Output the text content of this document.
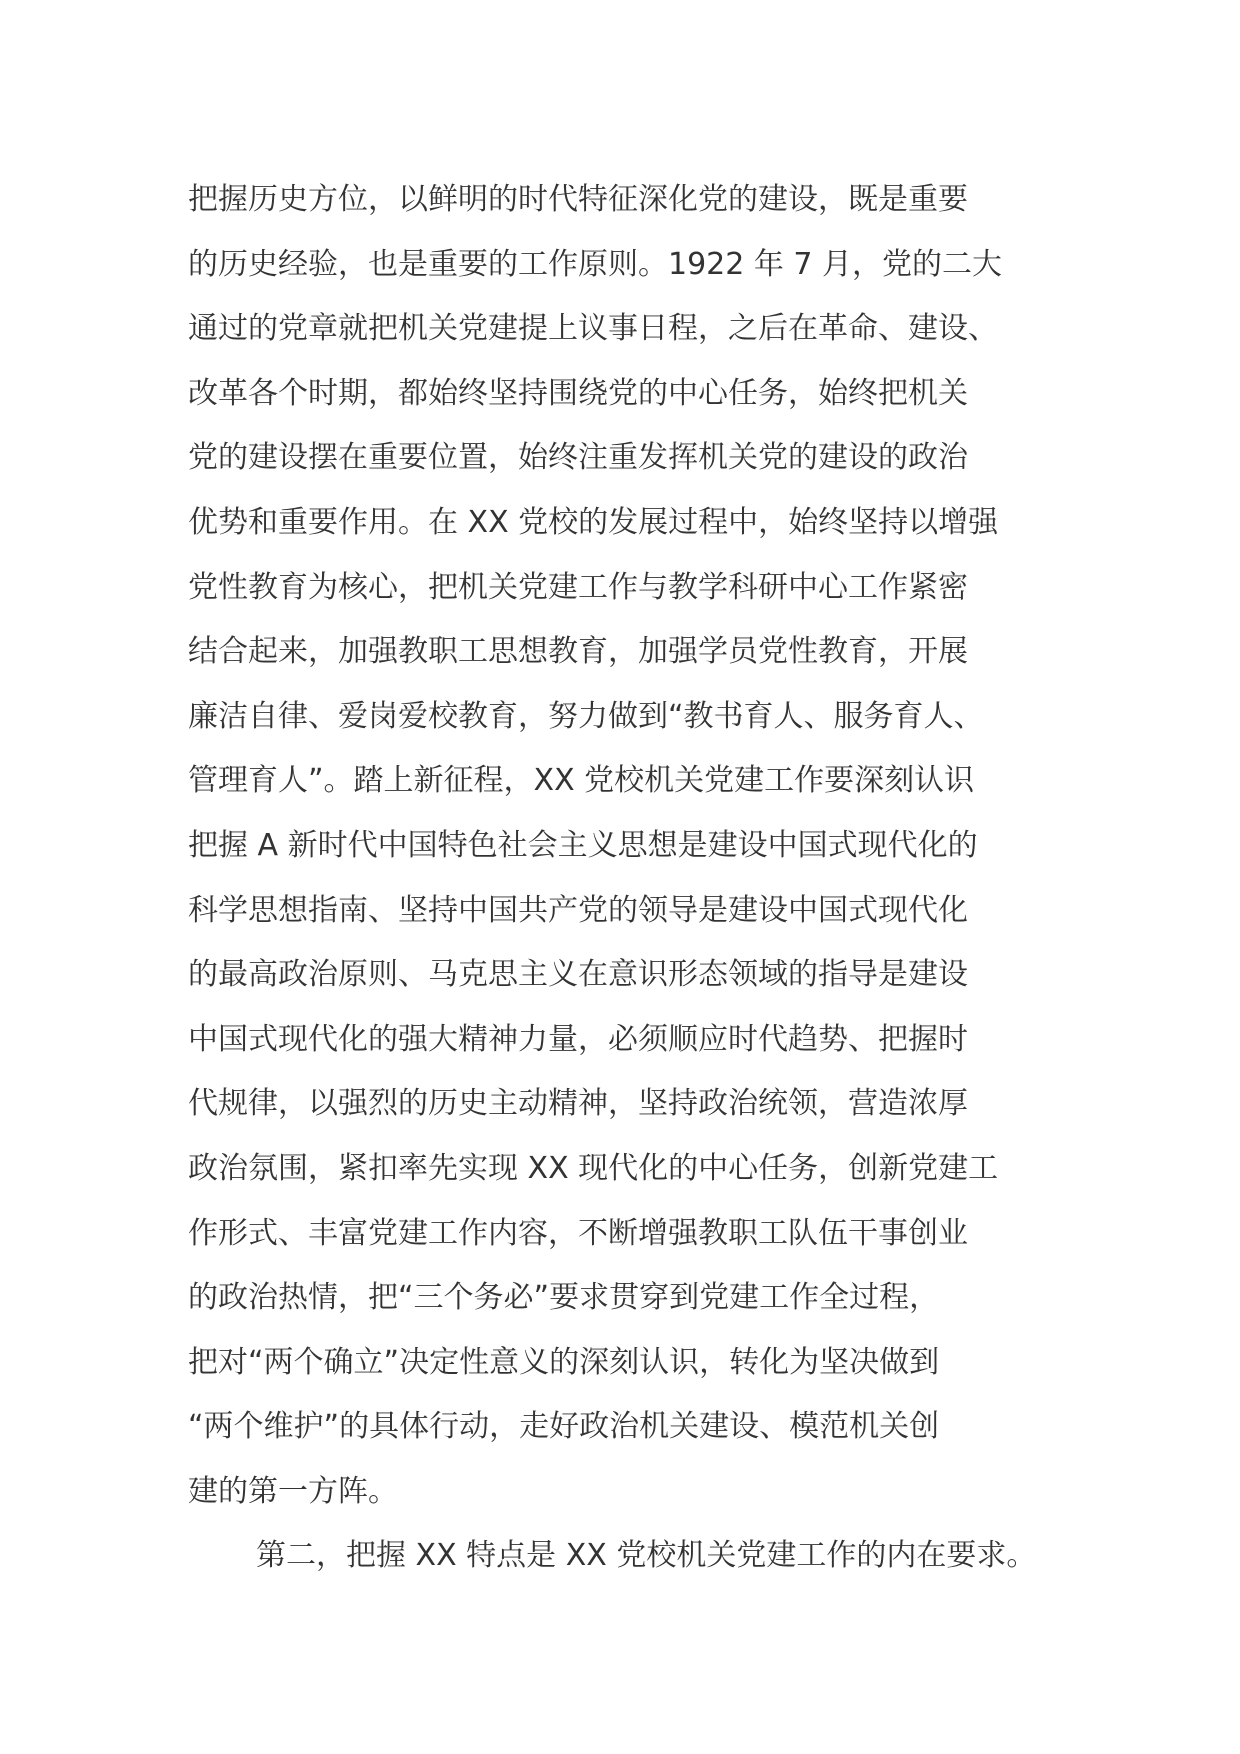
把握历史方位，以鲜明的时代特征深化党的建设，既是重要
的历史经验，也是重要的工作原则。1922 年 7 月，党的二大
通过的党章就把机关党建提上议事日程，之后在革命、建设、
改革各个时期，都始终坚持围绕党的中心任务，始终把机关
党的建设摆在重要位置，始终注重发挥机关党的建设的政治
优势和重要作用。在 XX 党校的发展过程中，始终坚持以增强
党性教育为核心，把机关党建工作与教学科研中心工作紧密
结合起来，加强教职工思想教育，加强学员党性教育，开展
廉洁自律、爱岗爱校教育，努力做到“教书育人、服务育人、
管理育人”。踏上新征程，XX 党校机关党建工作要深刻认识
把握 A 新时代中国特色社会主义思想是建设中国式现代化的
科学思想指南、坚持中国共产党的领导是建设中国式现代化
的最高政治原则、马克思主义在意识形态领域的指导是建设
中国式现代化的强大精神力量，必须顺应时代趋势、把握时
代规律，以强烈的历史主动精神，坚持政治统领，营造浓厚
政治氛围，紧扣率先实现 XX 现代化的中心任务，创新党建工
作形式、丰富党建工作内容，不断增强教职工队伍干事创业
的政治热情，把“三个务必”要求贯穿到党建工作全过程，
把对“两个确立”决定性意义的深刻认识，转化为坚决做到
“两个维护”的具体行动，走好政治机关建设、模范机关创
建的第一方阵。
第二，把握 XX 特点是 XX 党校机关党建工作的内在要求。
